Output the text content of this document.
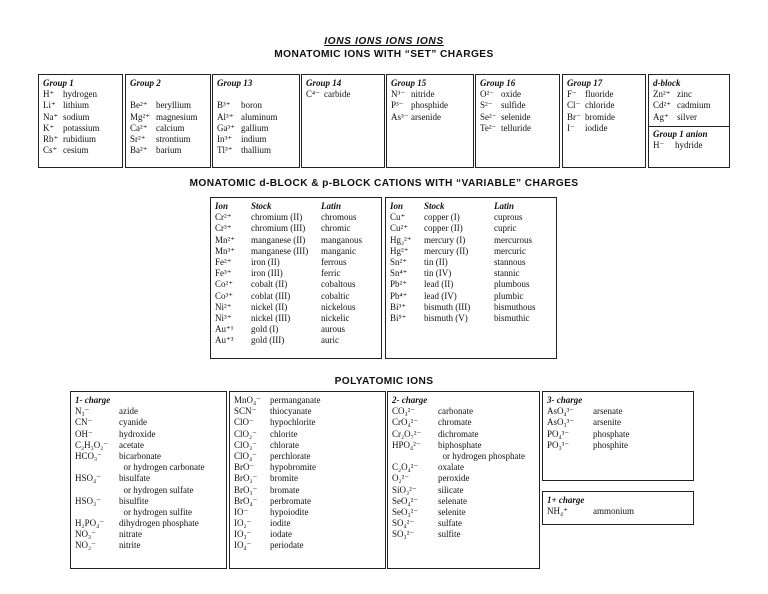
IONS IONS IONS IONS
MONATOMIC IONS WITH “SET” CHARGES
Group 1
H⁺ hydrogen
Li⁺ lithium
Na⁺ sodium
K⁺ potassium
Rb⁺ rubidium
Cs⁺ cesium
Group 2
Be²⁺ beryllium
Mg²⁺ magnesium
Ca²⁺ calcium
Sr²⁺	strontium
Ba²⁺ barium
Group 13
B³⁺	boron
Al³⁺ aluminum
Ga³⁺ gallium
In³⁺	indium
Tl³⁺ thallium
Group 14
C⁴⁻ carbide
Group 15
N³⁻ nitride
P³⁻ phosphide
As³⁻ arsenide
Group 16
O²⁻ oxide
S²⁻ sulfide
Se²⁻ selenide
Te²⁻ telluride
Group 17
F⁻ fluoride
Cl⁻ chloride
Br⁻ bromide
I⁻	iodide
d-block
Zn²⁺ zinc
Cd²⁺ cadmium
Ag⁺ silver
Group 1 anion
H⁻	hydride
MONATOMIC d-BLOCK & p-BLOCK CATIONS WITH “VARIABLE” CHARGES
Ion	Stock	Latin
Cr²⁺	chromium (II)	chromous
Cr³⁺	chromium (III)	chromic
Mn²⁺	manganese (II)	manganous
Mn³⁺	manganese (III)	manganic
Fe²⁺	iron (II)	ferrous
Fe³⁺	iron (III)	ferric
Co²⁺	cobalt (II)	cobaltous
Co³⁺	coblat (III)	cobaltic
Ni²⁺	nickel (II)	nickelous
Ni³⁺	nickel (III)	nickelic
Au⁺¹	gold (I)	aurous
Au⁺³	gold (III)	auric
Ion	Stock	Latin
Cu⁺	copper (I)	cuprous
Cu²⁺	copper (II)	cupric
Hg₂²⁺	mercury (I)	mercurous
Hg²⁺	mercury (II)	mercuric
Sn²⁺	tin (II)	stannous
Sn⁴⁺	tin (IV)	stannic
Pb²⁺	lead (II)	plumbous
Pb⁴⁺	lead (IV)	plumbic
Bi³⁺	bismuth (III)	bismuthous
Bi⁵⁺	bismuth (V)	bismuthic
POLYATOMIC IONS
1- charge
N₃⁻	azide
CN⁻	cyanide
OH⁻	hydroxide
C₂H₃O₂⁻	acetate
HCO₃⁻	bicarbonate
or hydrogen carbonate
HSO₄⁻	bisulfate
or hydrogen sulfate
HSO₃⁻	bisulfite
or hydrogen sulfite
H₂PO₄⁻	dihydrogen phosphate
NO₃⁻	nitrate
NO₂⁻	nitrite
MnO₄⁻	permanganate
SCN⁻	thiocyanate
ClO⁻	hypochlorite
ClO₂⁻	chlorite
ClO₃⁻	chlorate
ClO₄⁻	perchlorate
BrO⁻	hypobromite
BrO₂⁻	bromite
BrO₃⁻	bromate
BrO₄⁻	perbromate
IO⁻	hypoiodite
IO₂⁻	iodite
IO₃⁻	iodate
IO₄⁻	periodate
2- charge
CO₃²⁻	carbonate
CrO₄²⁻	chromate
Cr₂O₇²⁻	dichromate
HPO₄²⁻	biphosphate
or hydrogen phosphate
C₂O₄²⁻	oxalate
O₂²⁻	peroxide
SiO₃²⁻	silicate
SeO₄²⁻	selenate
SeO₃²⁻	selenite
SO₄²⁻	sulfate
SO₃²⁻	sulfite
3- charge
AsO₄³⁻	arsenate
AsO₃³⁻	arsenite
PO₄³⁻	phosphate
PO₃³⁻	phosphite
1+ charge
NH₄⁺	ammonium
